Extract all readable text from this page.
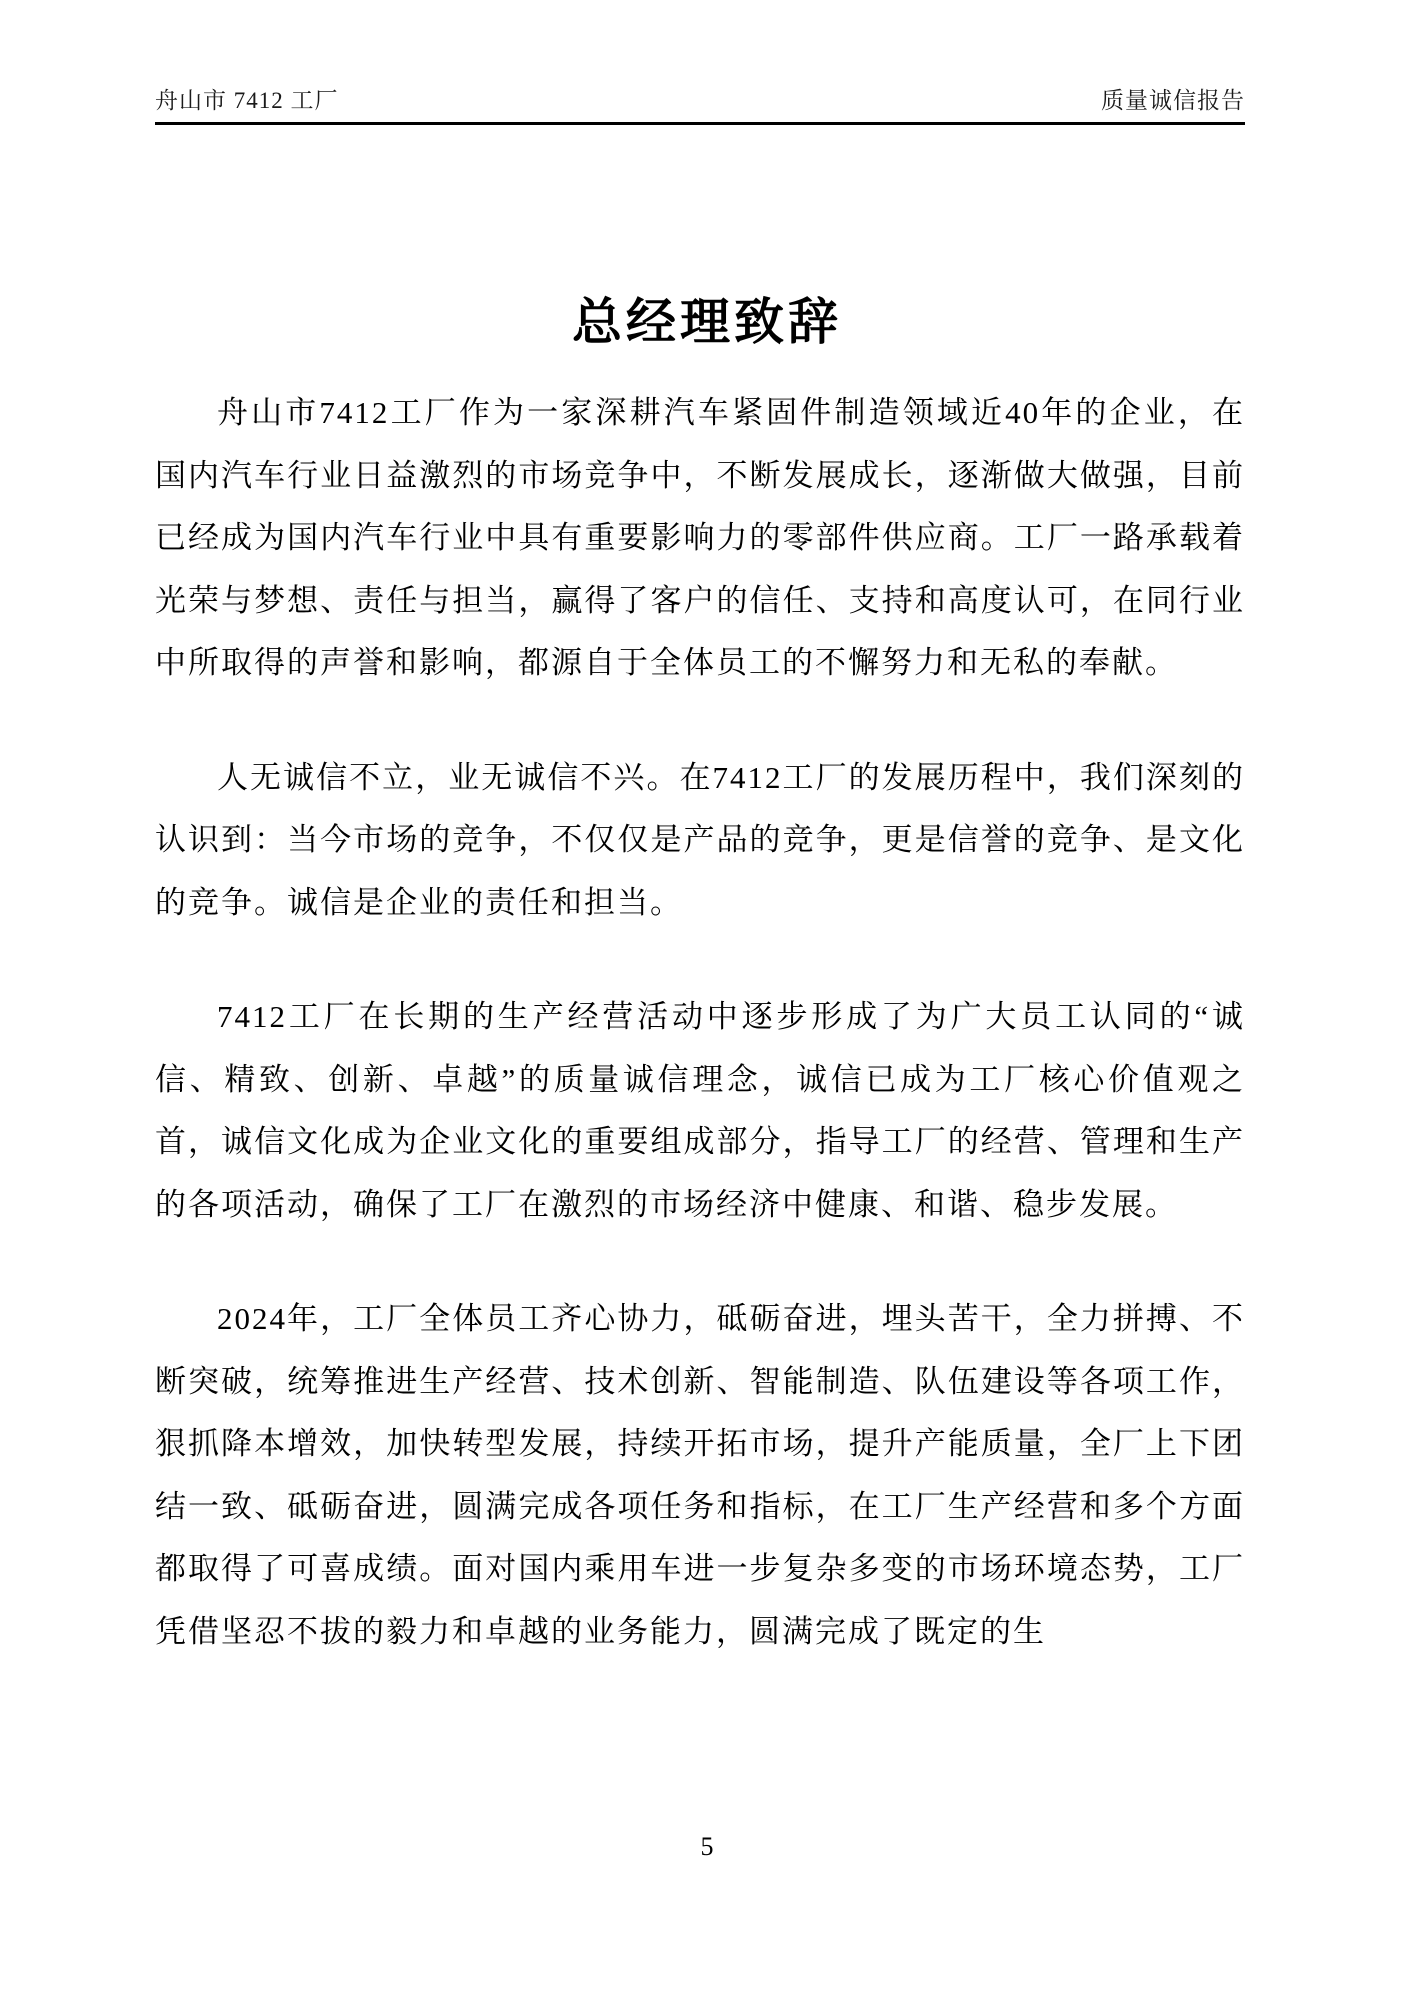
舟山市 7412 工厂	质量诚信报告
总经理致辞

舟山市7412工厂作为一家深耕汽车紧固件制造领域近40年的企业，在国内汽车行业日益激烈的市场竞争中，不断发展成长，逐渐做大做强，目前已经成为国内汽车行业中具有重要影响力的零部件供应商。工厂一路承载着光荣与梦想、责任与担当，赢得了客户的信任、支持和高度认可，在同行业中所取得的声誉和影响，都源自于全体员工的不懈努力和无私的奉献。

人无诚信不立，业无诚信不兴。在7412工厂的发展历程中，我们深刻的认识到：当今市场的竞争，不仅仅是产品的竞争，更是信誉的竞争、是文化的竞争。诚信是企业的责任和担当。

7412工厂在长期的生产经营活动中逐步形成了为广大员工认同的“诚信、精致、创新、卓越”的质量诚信理念，诚信已成为工厂核心价值观之首，诚信文化成为企业文化的重要组成部分，指导工厂的经营、管理和生产的各项活动，确保了工厂在激烈的市场经济中健康、和谐、稳步发展。

2024年，工厂全体员工齐心协力，砥砺奋进，埋头苦干，全力拼搏、不断突破，统筹推进生产经营、技术创新、智能制造、队伍建设等各项工作，狠抓降本增效，加快转型发展，持续开拓市场，提升产能质量，全厂上下团结一致、砥砺奋进，圆满完成各项任务和指标，在工厂生产经营和多个方面都取得了可喜成绩。面对国内乘用车进一步复杂多变的市场环境态势，工厂凭借坚忍不拔的毅力和卓越的业务能力，圆满完成了既定的生

5
